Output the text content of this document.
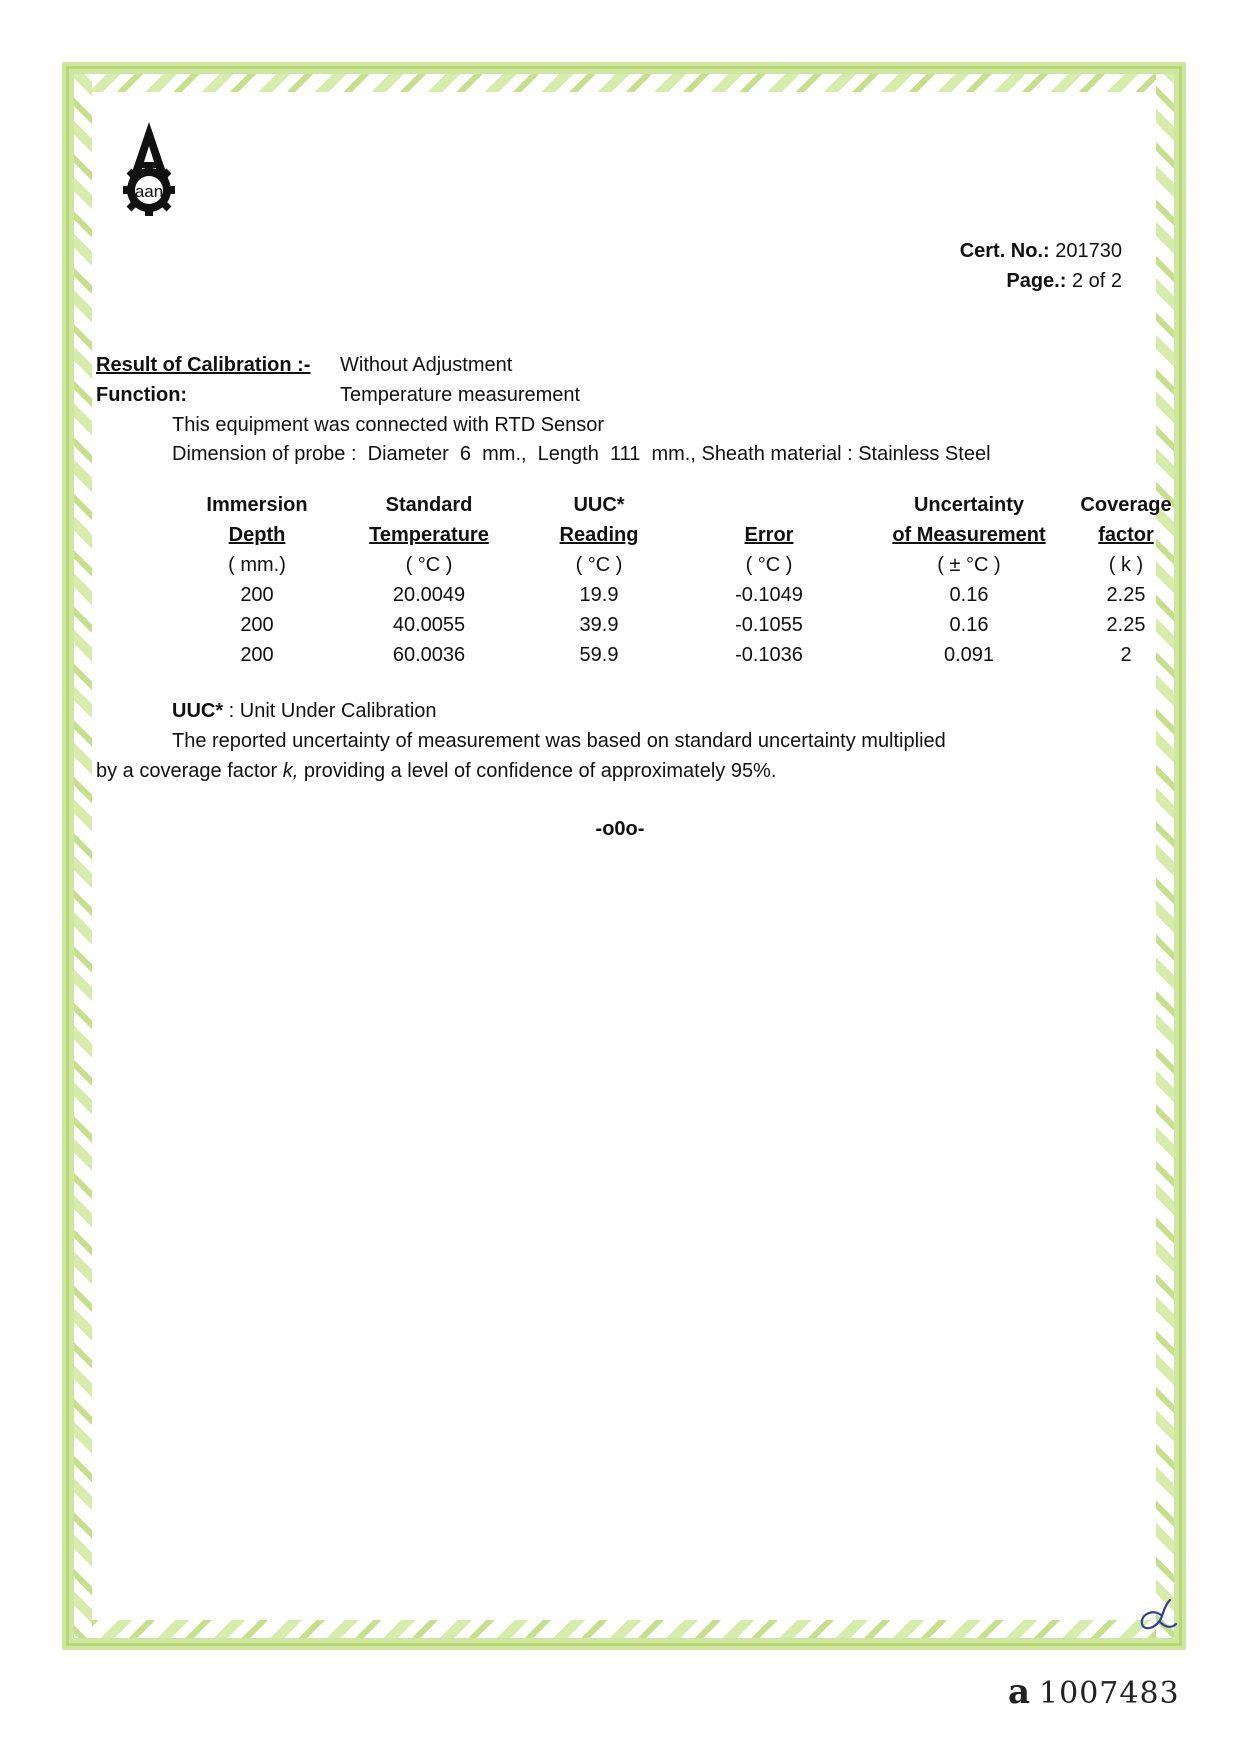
aan
Cert. No.: 201730
Page.: 2 of 2
Result of Calibration :- Without Adjustment
Function:	Temperature measurement
This equipment was connected with RTD Sensor
Dimension of probe :  Diameter  6  mm.,  Length  111  mm., Sheath material : Stainless Steel
Immersion	Standard	UUC*		Uncertainty	Coverage
Depth	Temperature	Reading	Error	of Measurement	factor
( mm.)	( °C )	( °C )	( °C )	( ± °C )	( k )
200	20.0049	19.9	-0.1049	0.16	2.25
200	40.0055	39.9	-0.1055	0.16	2.25
200	60.0036	59.9	-0.1036	0.091	2
UUC* : Unit Under Calibration
The reported uncertainty of measurement was based on standard uncertainty multiplied
by a coverage factor k, providing a level of confidence of approximately 95%.
-o0o-
a 1007483
